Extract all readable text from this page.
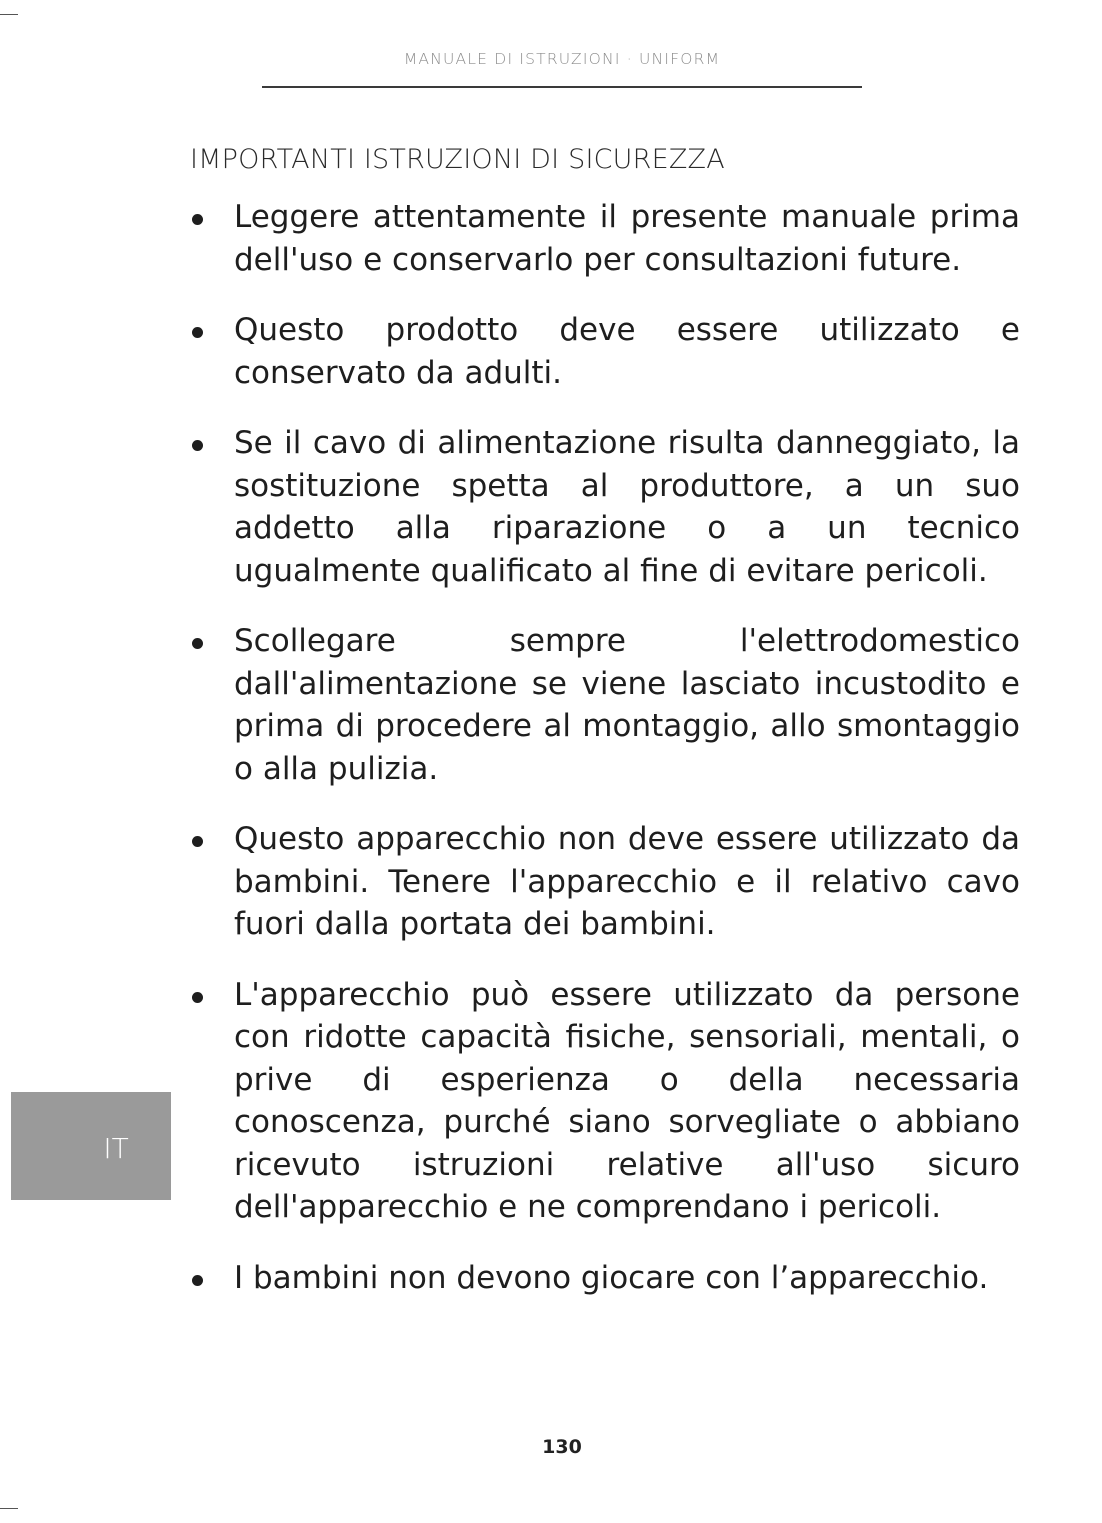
MANUALE DI ISTRUZIONI · UNIFORM
IMPORTANTI ISTRUZIONI DI SICUREZZA
Leggere attentamente il presente manuale prima dell'uso e conservarlo per consultazioni future.
Questo prodotto deve essere utilizzato e conservato da adulti.
Se il cavo di alimentazione risulta danneggiato, la sostituzione spetta al produttore, a un suo addetto alla riparazione o a un tecnico ugualmente qualificato al fine di evitare pericoli.
Scollegare sempre l'elettrodomestico dall'alimentazione se viene lasciato incustodito e prima di procedere al montaggio, allo smontaggio o alla pulizia.
Questo apparecchio non deve essere utilizzato da bambini. Tenere l'apparecchio e il relativo cavo fuori dalla portata dei bambini.
L'apparecchio può essere utilizzato da persone con ridotte capacità fisiche, sensoriali, mentali, o prive di esperienza o della necessaria conoscenza, purché siano sorvegliate o abbiano ricevuto istruzioni relative all'uso sicuro dell'apparecchio e ne comprendano i pericoli.
I bambini non devono giocare con l’apparecchio.
IT
130
